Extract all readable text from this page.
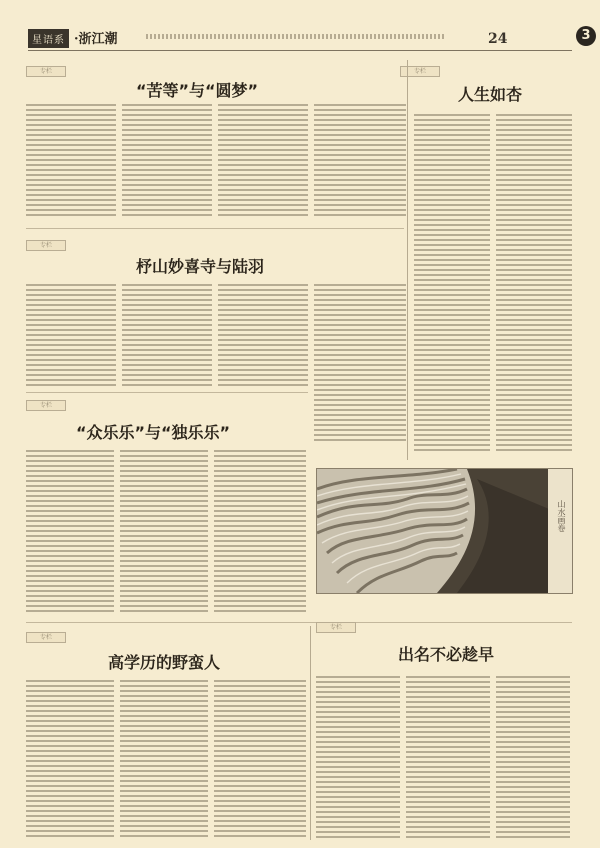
星语系 ·浙江潮	24	3
专栏
“苦等”与“圆梦”
专栏
人生如杏
专栏
杼山妙喜寺与陆羽
专栏
“众乐乐”与“独乐乐”
山水画卷
专栏
高学历的野蛮人
专栏
出名不必趁早
